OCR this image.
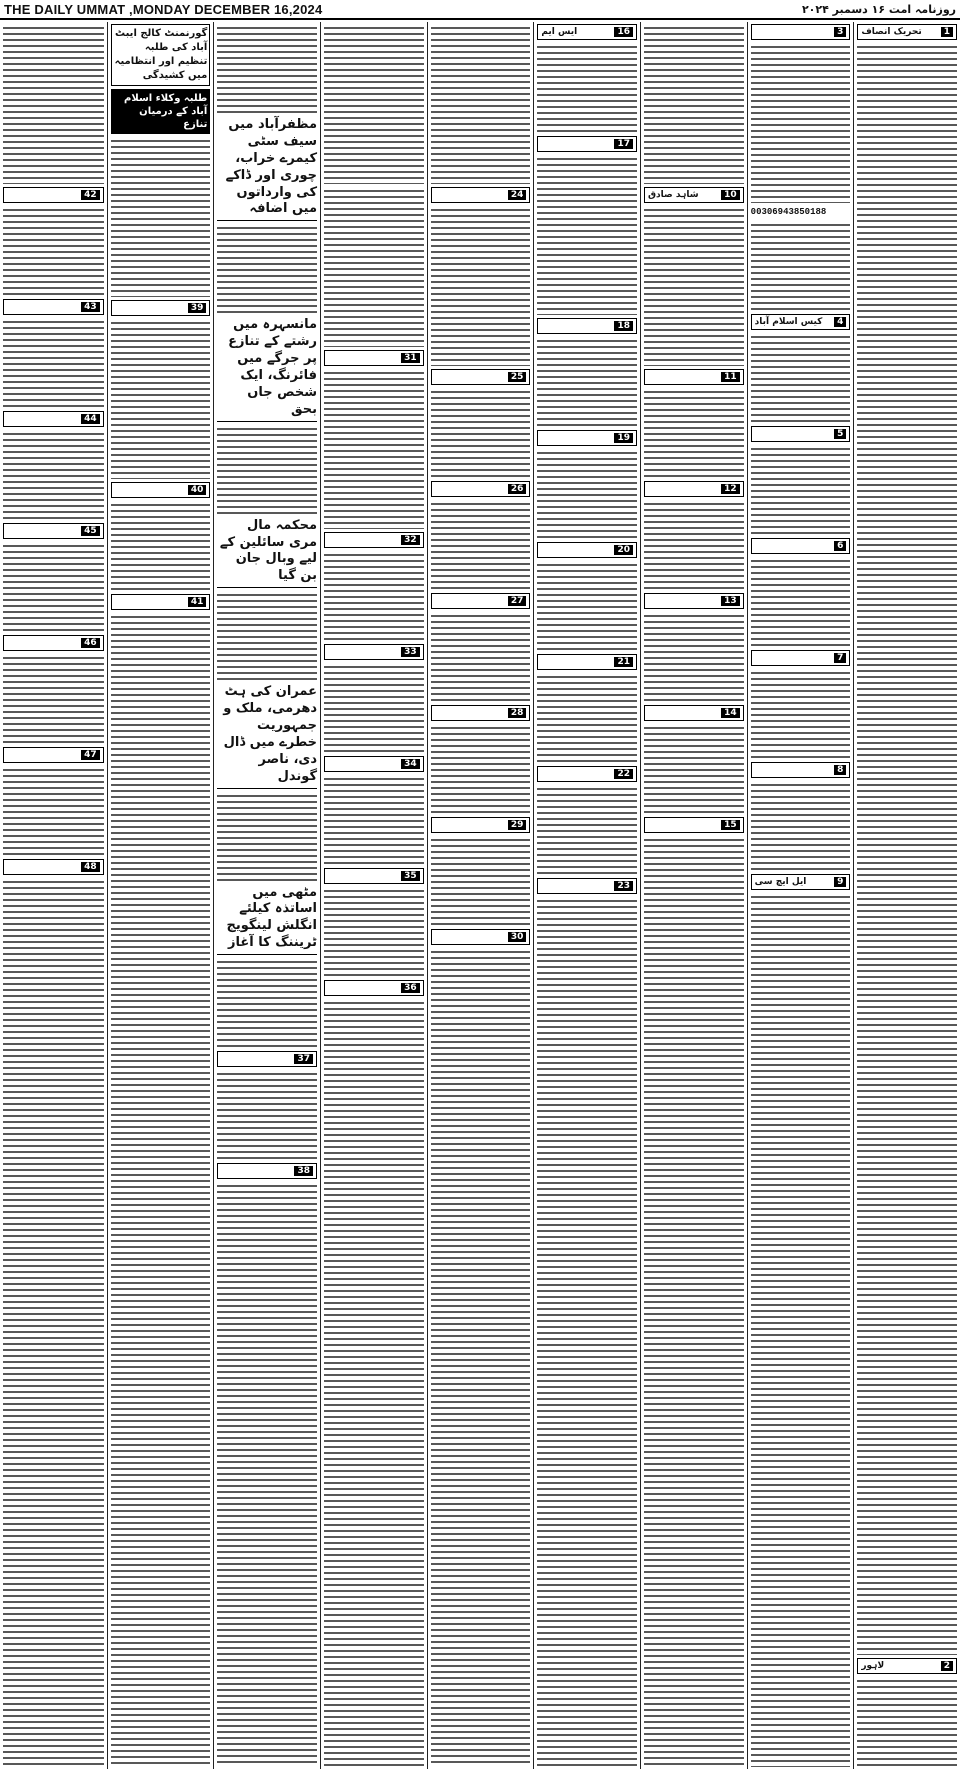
THE DAILY UMMAT ,MONDAY DECEMBER 16,2024	روزنامہ امت ۱۶ دسمبر ۲۰۲۴
1
تحریک انصاف
2
لاہور
3
00306943850188
4
کیس اسلام آباد
5
6
7
8
9
ایل ایچ سی
10
شاہد صادق
11
12
13
14
15
16
ایس ایم
17
18
19
20
21
22
23
24
25
26
27
28
29
30
31
32
33
34
35
36
مظفرآباد میں سیف سٹی کیمرے خراب، چوری اور ڈاکے کی وارداتوں میں اضافہ
مانسہرہ میں رشتے کے تنازع پر جرگے میں فائرنگ، ایک شخص جاں بحق
محکمہ مال مری سائلین کے لیے وبال جان بن گیا
عمران کی ہٹ دھرمی، ملک و جمہوریت خطرے میں ڈال دی، ناصر گوندل
مٹھی میں اساتذہ کیلئے انگلش لینگویج ٹریننگ کا آغاز
37
38
گورنمنٹ کالج ایبٹ آباد کی طلبہ تنظیم اور انتظامیہ میں کشیدگی
طلبہ وکلاء اسلام آباد کے درمیان تنازع
39
40
41
42
43
44
45
46
47
48
